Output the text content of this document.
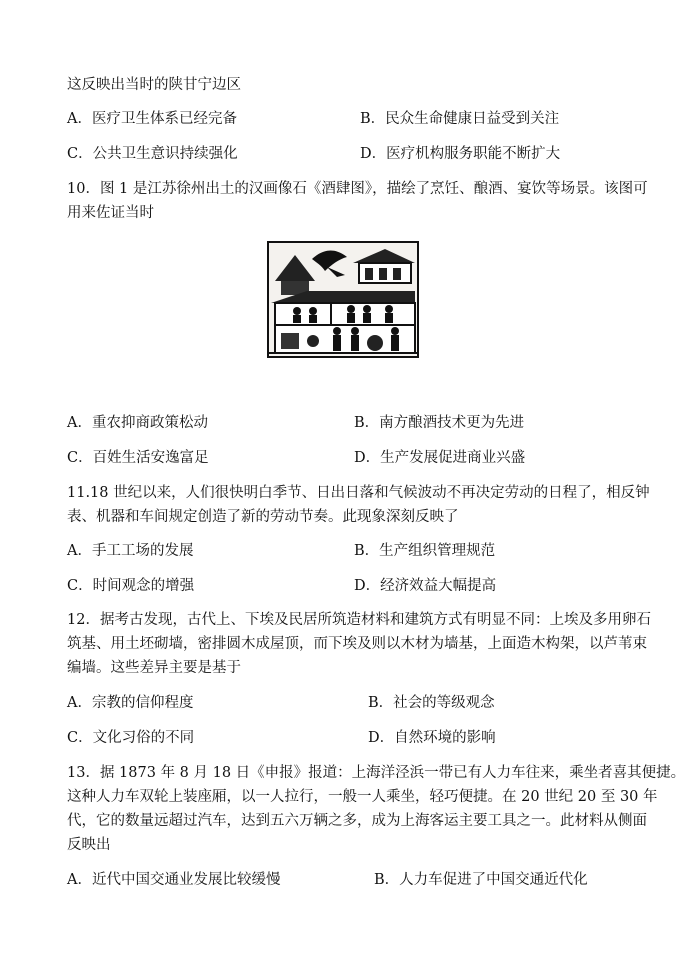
这反映出当时的陕甘宁边区
A．医疗卫生体系已经完备	B．民众生命健康日益受到关注
C．公共卫生意识持续强化	D．医疗机构服务职能不断扩大
10．图 1 是江苏徐州出土的汉画像石《酒肆图》，描绘了烹饪、酿酒、宴饮等场景。该图可
用来佐证当时
A．重农抑商政策松动	B．南方酿酒技术更为先进
C．百姓生活安逸富足	D．生产发展促进商业兴盛
11.18 世纪以来，人们很快明白季节、日出日落和气候波动不再决定劳动的日程了，相反钟
表、机器和车间规定创造了新的劳动节奏。此现象深刻反映了
A．手工工场的发展	B．生产组织管理规范
C．时间观念的增强	D．经济效益大幅提高
12．据考古发现，古代上、下埃及民居所筑造材料和建筑方式有明显不同：上埃及多用卵石
筑基、用土坯砌墙，密排圆木成屋顶，而下埃及则以木材为墙基，上面造木构架，以芦苇束
编墙。这些差异主要是基于
A．宗教的信仰程度	B．社会的等级观念
C．文化习俗的不同	D．自然环境的影响
13．据 1873 年 8 月 18 日《申报》报道：上海洋泾浜一带已有人力车往来，乘坐者喜其便捷。
这种人力车双轮上装座厢，以一人拉行，一般一人乘坐，轻巧便捷。在 20 世纪 20 至 30 年
代，它的数量远超过汽车，达到五六万辆之多，成为上海客运主要工具之一。此材料从侧面
反映出
A．近代中国交通业发展比较缓慢	B．人力车促进了中国交通近代化
